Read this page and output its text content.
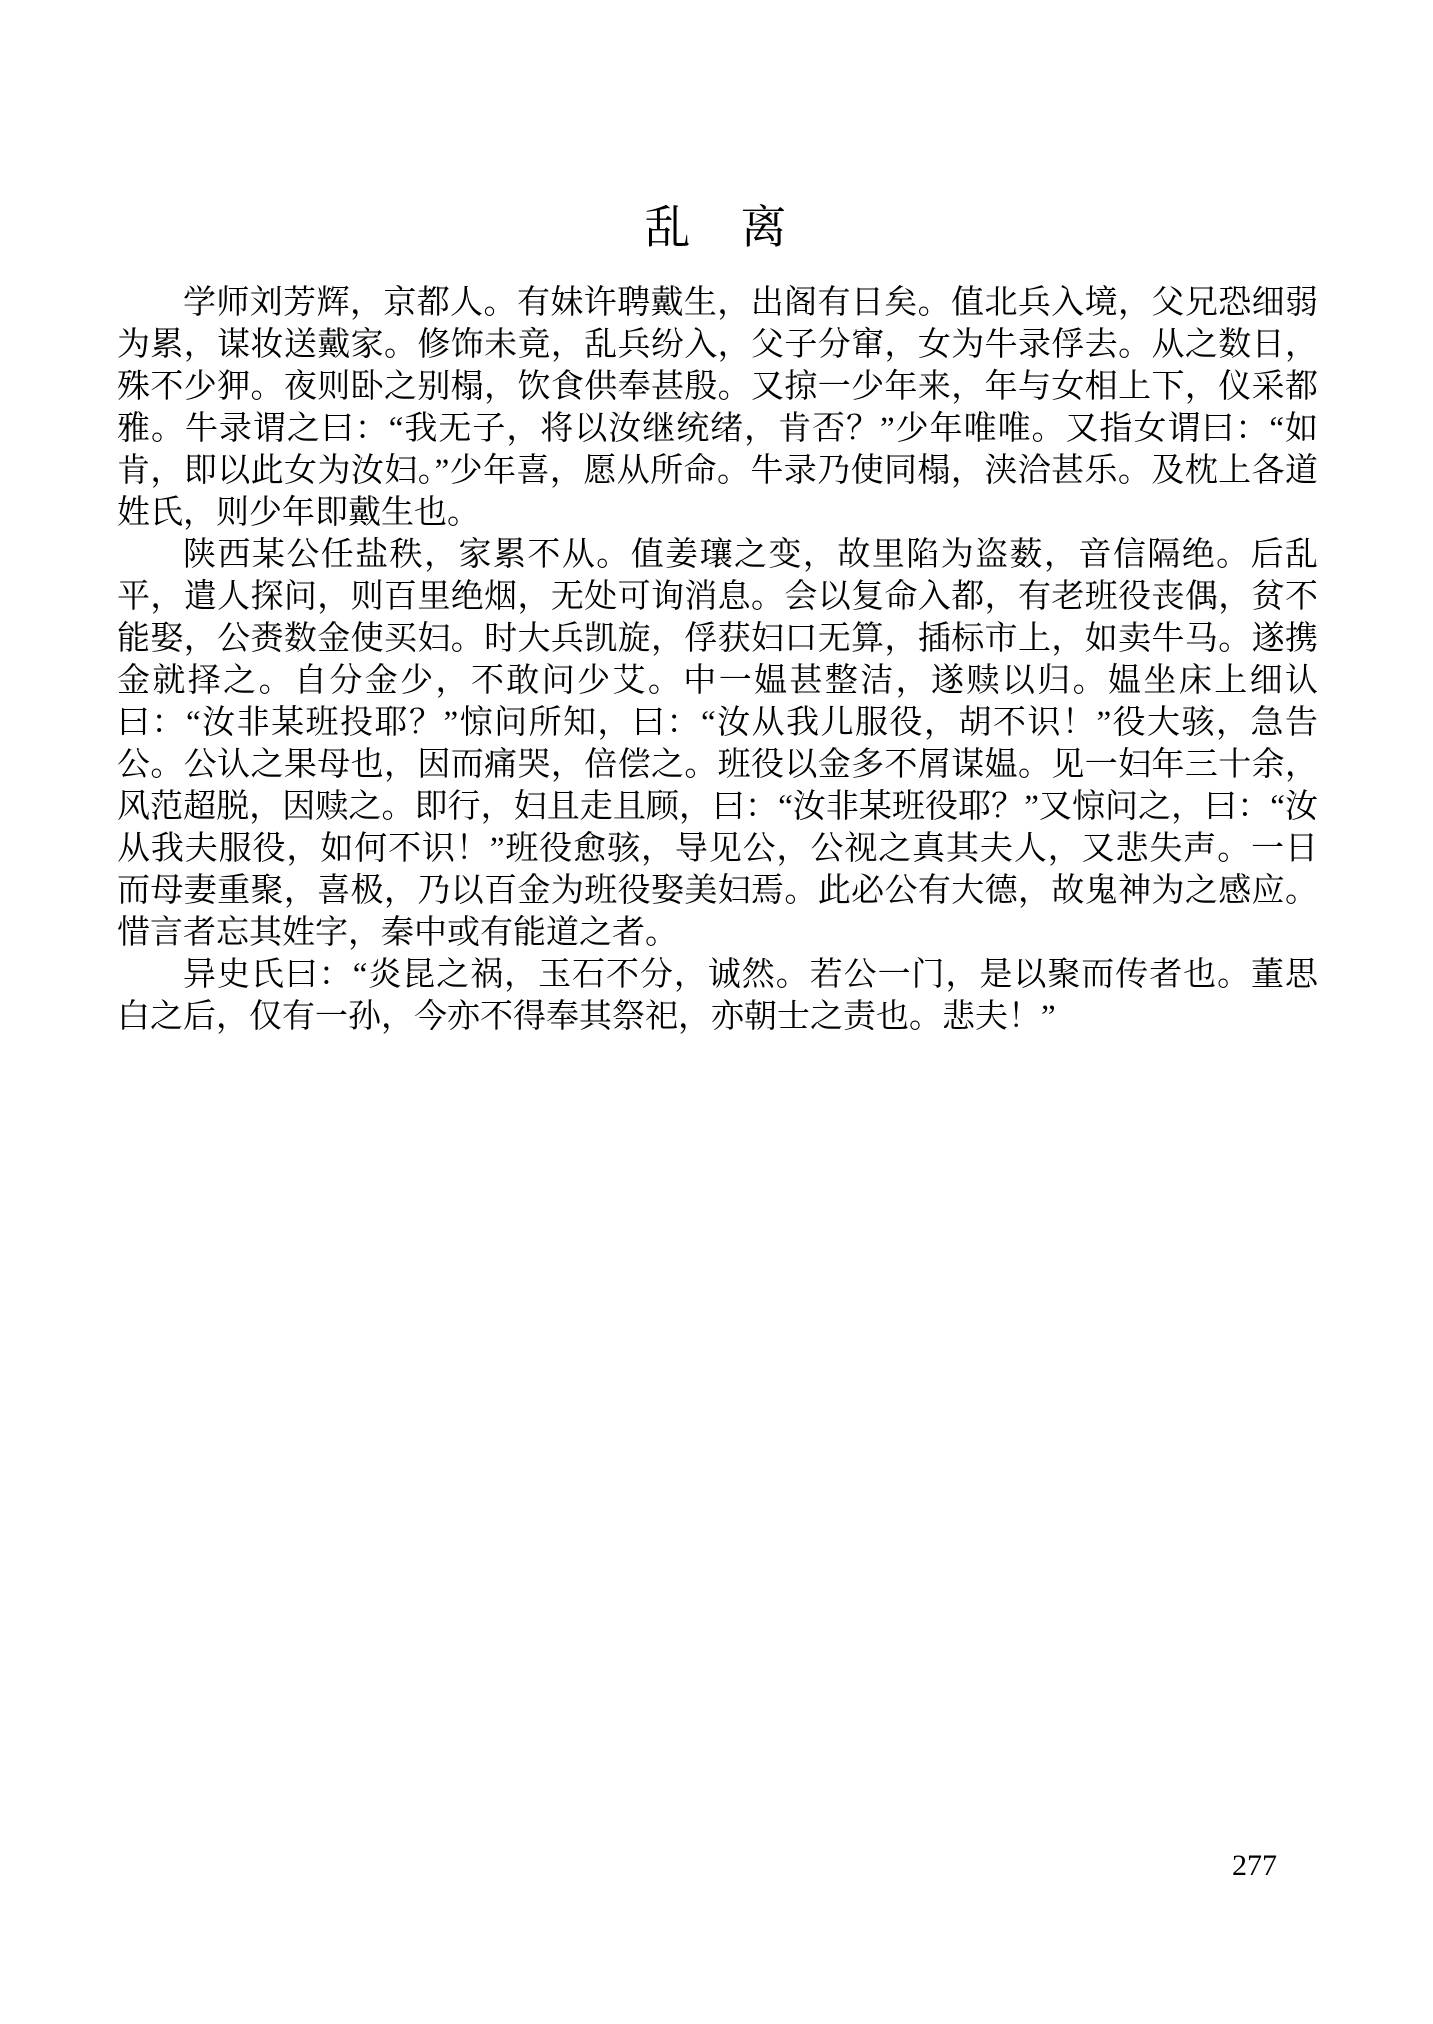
乱　离

学师刘芳辉，京都人。有妹许聘戴生，出阁有日矣。值北兵入境，父兄恐细弱为累，谋妆送戴家。修饰未竟，乱兵纷入，父子分窜，女为牛录俘去。从之数日，殊不少狎。夜则卧之别榻，饮食供奉甚殷。又掠一少年来，年与女相上下，仪采都雅。牛录谓之曰：“我无子，将以汝继统绪，肯否？”少年唯唯。又指女谓曰：“如肯，即以此女为汝妇。”少年喜，愿从所命。牛录乃使同榻，浃洽甚乐。及枕上各道姓氏，则少年即戴生也。

陕西某公任盐秩，家累不从。值姜瓖之变，故里陷为盗薮，音信隔绝。后乱平，遣人探问，则百里绝烟，无处可询消息。会以复命入都，有老班役丧偶，贫不能娶，公赉数金使买妇。时大兵凯旋，俘获妇口无算，插标市上，如卖牛马。遂携金就择之。自分金少，不敢问少艾。中一媪甚整洁，遂赎以归。媪坐床上细认曰：“汝非某班投耶？”惊问所知，曰：“汝从我儿服役，胡不识！”役大骇，急告公。公认之果母也，因而痛哭，倍偿之。班役以金多不屑谋媪。见一妇年三十余，风范超脱，因赎之。即行，妇且走且顾，曰：“汝非某班役耶？”又惊问之，曰：“汝从我夫服役，如何不识！”班役愈骇，导见公，公视之真其夫人，又悲失声。一日而母妻重聚，喜极，乃以百金为班役娶美妇焉。此必公有大德，故鬼神为之感应。惜言者忘其姓字，秦中或有能道之者。

异史氏曰：“炎昆之祸，玉石不分，诚然。若公一门，是以聚而传者也。董思白之后，仅有一孙，今亦不得奉其祭祀，亦朝士之责也。悲夫！”

277
